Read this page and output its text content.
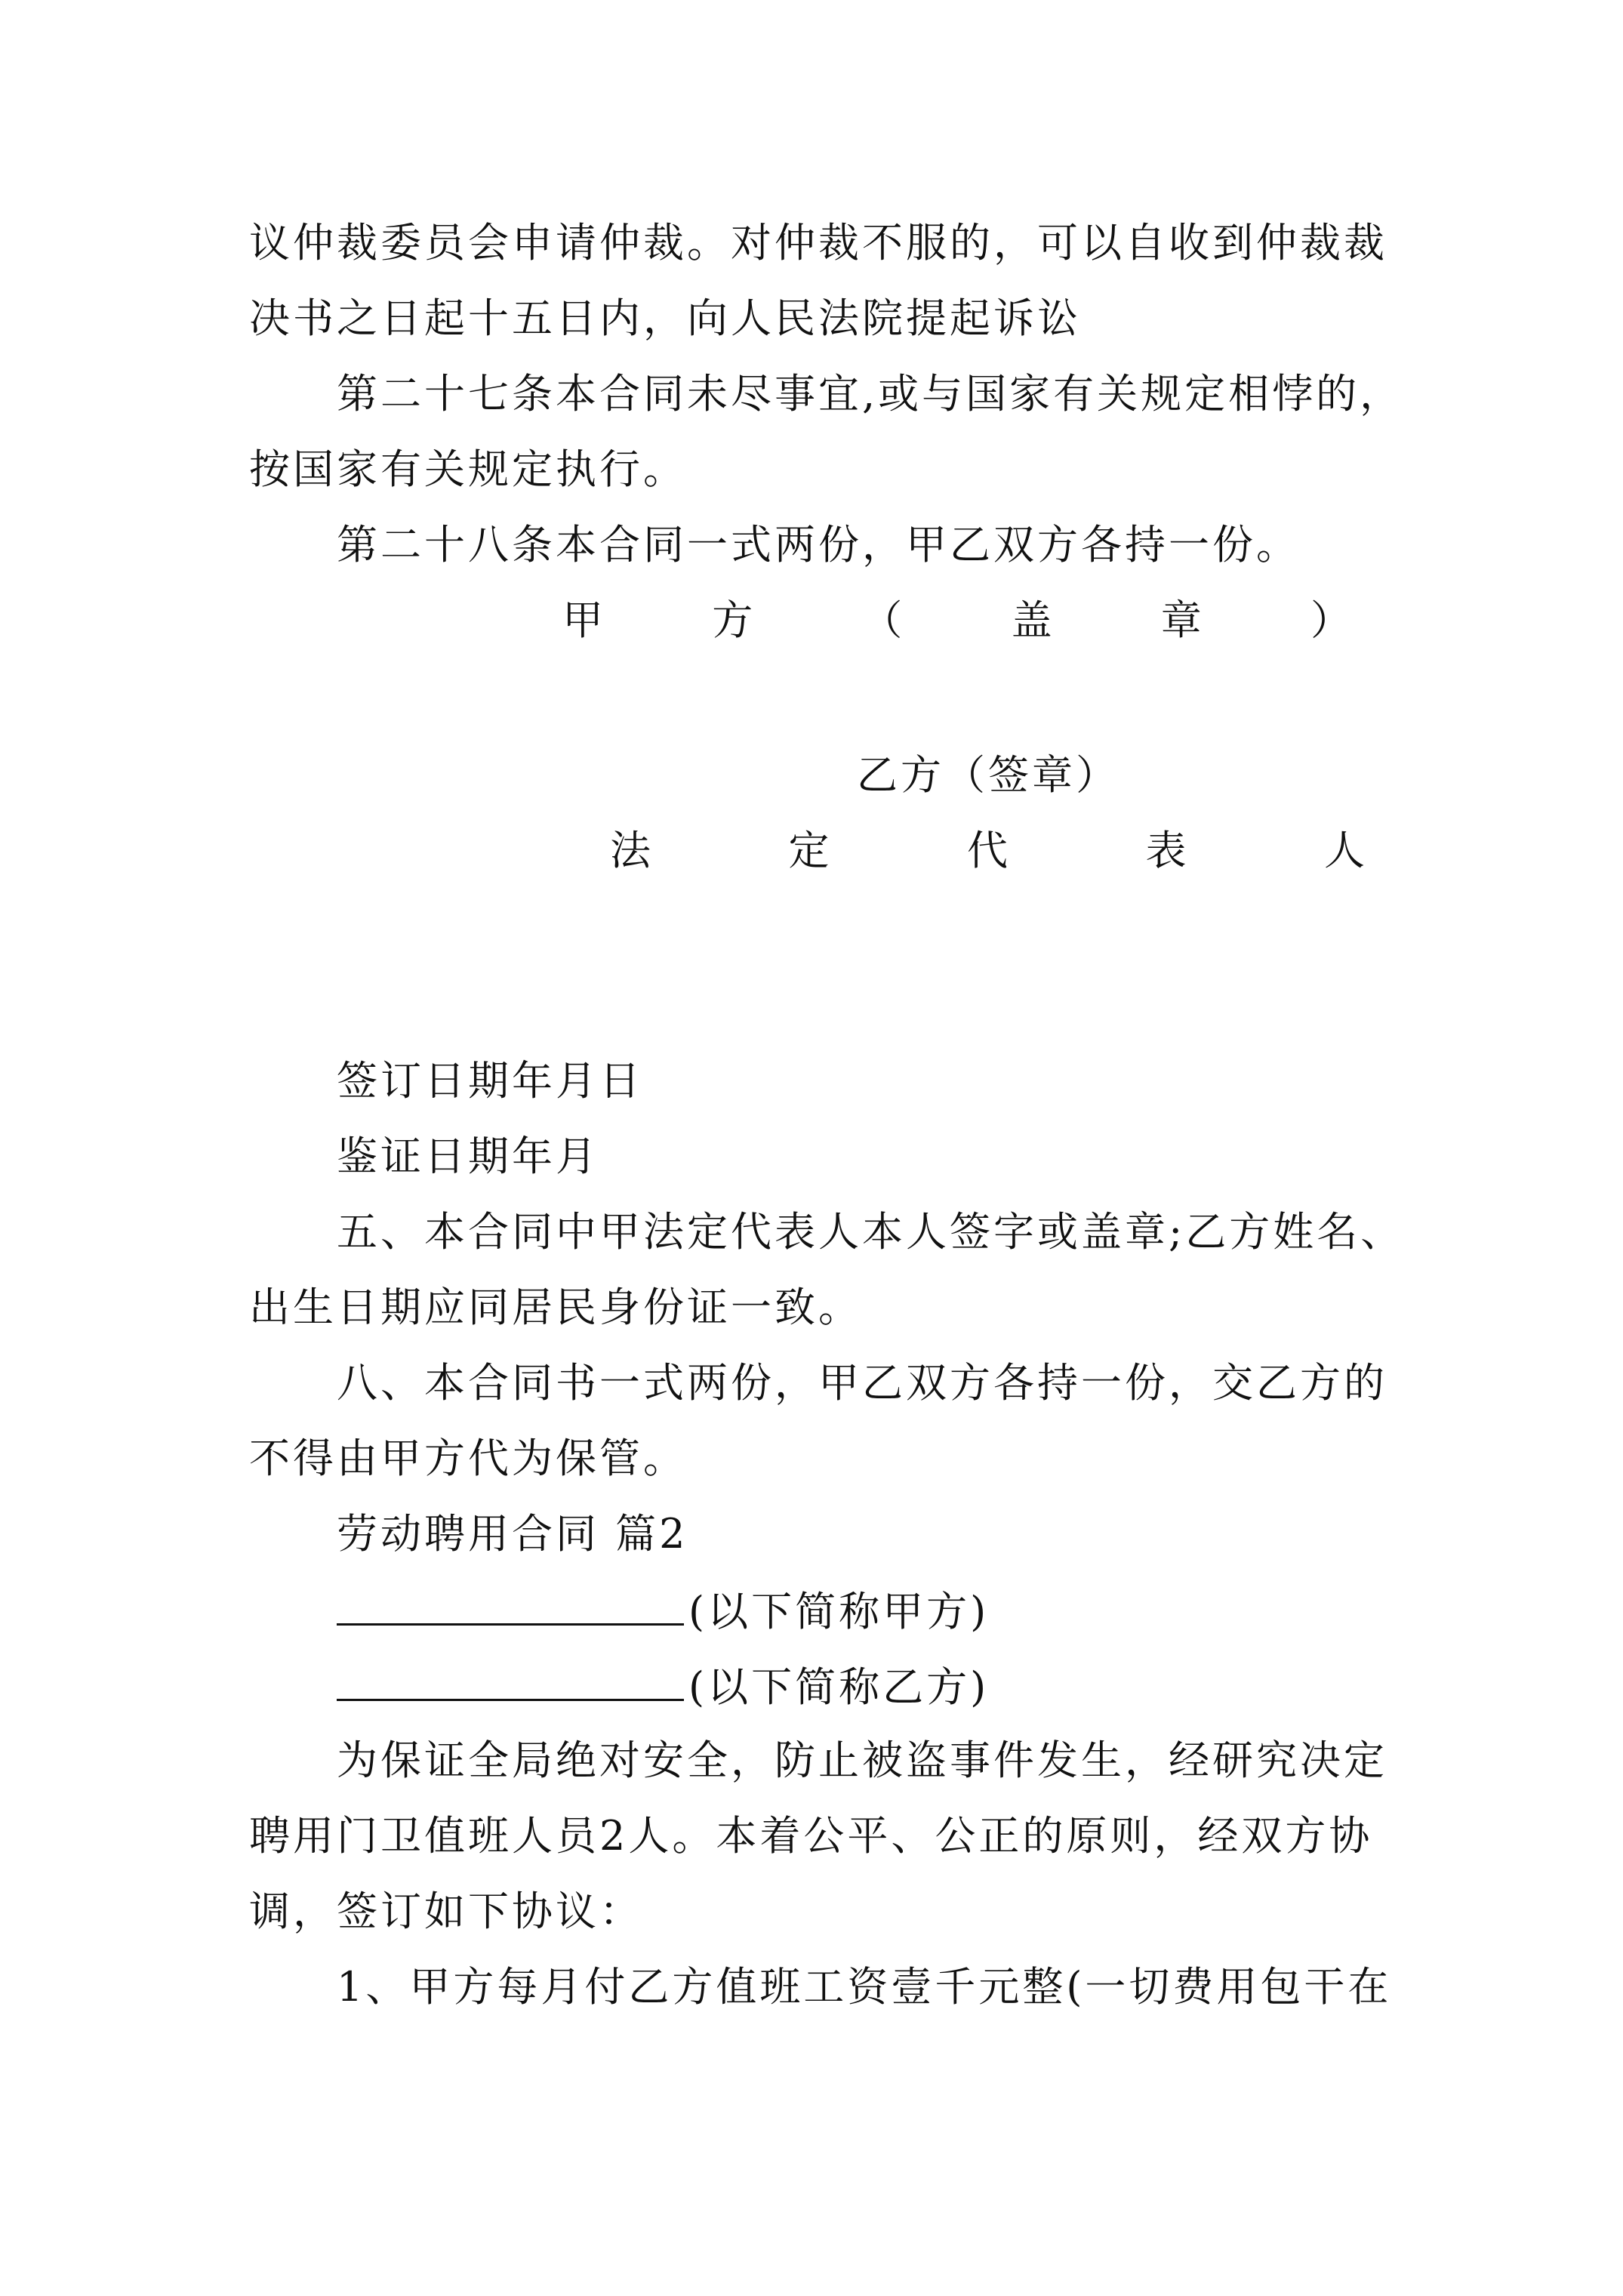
议仲裁委员会申请仲裁。对仲裁不服的，可以自收到仲裁裁
决书之日起十五日内，向人民法院提起诉讼
第二十七条本合同未尽事宜,或与国家有关规定相悖的，
按国家有关规定执行。
第二十八条本合同一式两份，甲乙双方各持一份。
甲	方	（	盖	章	）
乙方（签章）
法	定	代	表	人
签订日期年月日
鉴证日期年月
五、本合同中甲法定代表人本人签字或盖章;乙方姓名、
出生日期应同居民身份证一致。
八、本合同书一式两份，甲乙双方各持一份，交乙方的
不得由甲方代为保管。
劳动聘用合同 篇2
(以下简称甲方)
(以下简称乙方)
为保证全局绝对安全，防止被盗事件发生，经研究决定
聘用门卫值班人员2人。本着公平、公正的原则，经双方协
调，签订如下协议：
1、甲方每月付乙方值班工资壹千元整(一切费用包干在
